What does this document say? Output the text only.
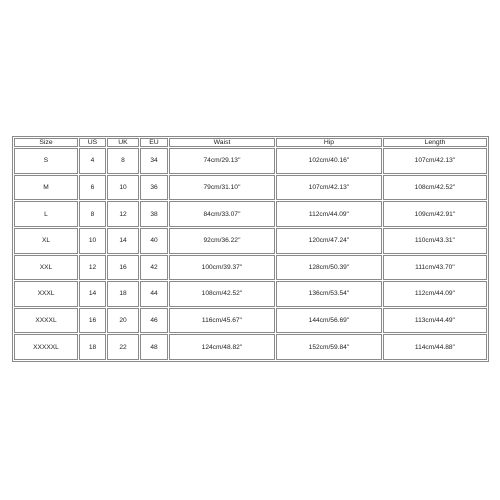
Size	US	UK	EU	Waist	Hip	Length
S	4	8	34	74cm/29.13''	102cm/40.16''	107cm/42.13''
M	6	10	36	79cm/31.10''	107cm/42.13''	108cm/42.52''
L	8	12	38	84cm/33.07''	112cm/44.09''	109cm/42.91''
XL	10	14	40	92cm/36.22''	120cm/47.24''	110cm/43.31''
XXL	12	16	42	100cm/39.37''	128cm/50.39''	111cm/43.70''
XXXL	14	18	44	108cm/42.52''	136cm/53.54''	112cm/44.09''
XXXXL	16	20	46	116cm/45.67''	144cm/56.69''	113cm/44.49''
XXXXXL	18	22	48	124cm/48.82''	152cm/59.84''	114cm/44.88''
